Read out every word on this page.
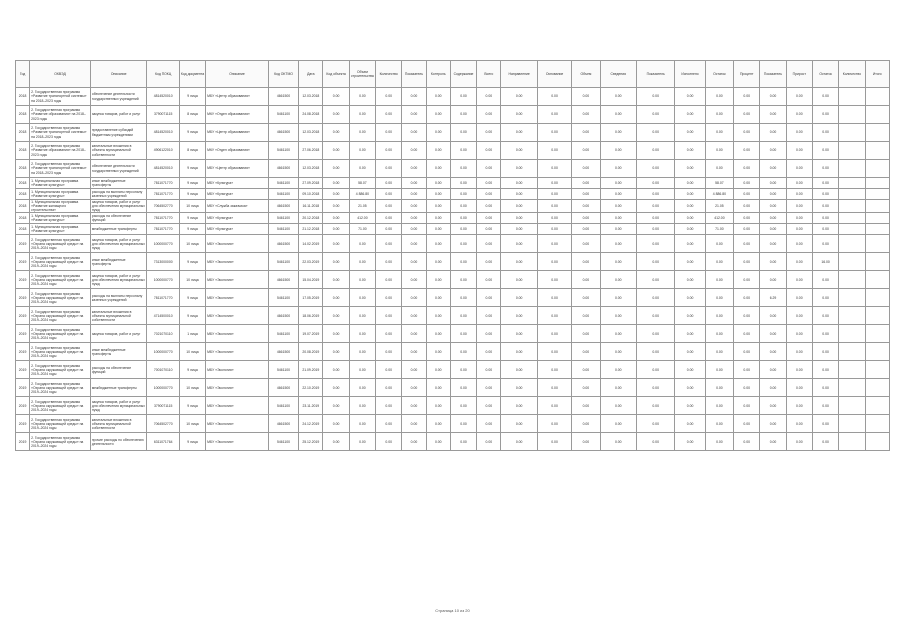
Год	ОКВЭД	Описание	Код ПОКЦ	Код документа	Описание	Код ОКТМО	Дата	Код объекта	Объем строительства	Количество	Показатель	Контроль	Содержание	Всего	Направление	Основание	Объем	Сведения	Показатель	Исполнено	Остаток	Процент	Показатель	Прирост	Остаток	Количество	Итого
2018	2. Государственная программа «Развитие транспортной системы» на 2018–2023 годы	обеспечение деятельности государственных учреждений	4814520010	9 лица	МБУ «Центр образования»	4661500	12.03.2018	0.00	0.00	0.00	0.00	0.00	0.00	0.00	0.00	0.00	0.00	0.00	0.00	0.00	0.00	0.00	0.00	0.00	0.00		
2018	2. Государственная программа «Развитие образования» на 2018–2023 годы	закупка товаров, работ и услуг	3790071115	8 лица	МКУ «Отдел образования»	5461100	24.08.2018	0.00	0.00	0.00	0.00	0.00	0.00	0.00	0.00	0.00	0.00	0.00	0.00	0.00	0.00	0.00	0.00	0.00	0.00		
2018	2. Государственная программа «Развитие транспортной системы» на 2018–2023 годы	предоставление субсидий бюджетным учреждениям	4814520010	9 лица	МБУ «Центр образования»	4661500	12.03.2018	0.00	0.00	0.00	0.00	0.00	0.00	0.00	0.00	0.00	0.00	0.00	0.00	0.00	0.00	0.00	0.00	0.00	0.00		
2018	2. Государственная программа «Развитие образования» на 2018–2023 годы	капитальные вложения в объекты муниципальной собственности	4906122010	8 лица	МКУ «Отдел образования»	5461100	27.06.2018	0.00	0.00	0.00	0.00	0.00	0.00	0.00	0.00	0.00	0.00	0.00	0.00	0.00	0.00	0.00	0.00	0.00	0.00		
2018	2. Государственная программа «Развитие транспортной системы» на 2018–2023 годы	обеспечение деятельности государственных учреждений	4814520010	9 лица	МБУ «Центр образования»	4661500	12.03.2018	0.00	0.00	0.00	0.00	0.00	0.00	0.00	0.00	0.00	0.00	0.00	0.00	0.00	0.00	0.00	0.00	0.00	0.00		
2018	1. Муниципальная программа «Развитие культуры»	иные межбюджетные трансферты	7811071770	9 лица	МБУ «Культура»	5461100	27.09.2018	0.00	58.07	0.00	0.00	0.00	0.00	0.00	0.00	0.00	0.00	0.00	0.00	0.00	58.07	0.00	0.00	0.00	0.00		
2018	1. Муниципальная программа «Развитие культуры»	расходы на выплаты персоналу казенных учреждений	7811071770	9 лица	МБУ «Культура»	5461100	09.10.2018	0.00	4 886.80	0.00	0.00	0.00	0.00	0.00	0.00	0.00	0.00	0.00	0.00	0.00	4 886.80	0.00	0.00	0.00	0.00		
2018	1. Муниципальная программа «Развитие жилищного строительства»	закупка товаров, работ и услуг для обеспечения муниципальных нужд	7064502770	10 лица	МБУ «Служба заказчика»	4661500	16.11.2018	0.00	21.05	0.00	0.00	0.00	0.00	0.00	0.00	0.00	0.00	0.00	0.00	0.00	21.05	0.00	0.00	0.00	0.00		
2018	1. Муниципальная программа «Развитие культуры»	расходы на обеспечение функций	7811071770	9 лица	МБУ «Культура»	5461100	20.12.2018	0.00	412.00	0.00	0.00	0.00	0.00	0.00	0.00	0.00	0.00	0.00	0.00	0.00	412.00	0.00	0.00	0.00	0.00		
2018	1. Муниципальная программа «Развитие культуры»	межбюджетные трансферты	7811071770	9 лица	МБУ «Культура»	5461100	21.12.2018	0.00	71.00	0.00	0.00	0.00	0.00	0.00	0.00	0.00	0.00	0.00	0.00	0.00	71.00	0.00	0.00	0.00	0.00		
2019	2. Государственная программа «Охрана окружающей среды» на 2019–2024 годы	закупка товаров, работ и услуг для обеспечения муниципальных нужд	1000000770	10 лица	МБУ «Экология»	4661500	14.02.2019	0.00	0.00	0.00	0.00	0.00	0.00	0.00	0.00	0.00	0.00	0.00	0.00	0.00	0.00	0.00	0.00	0.00	0.00		
2019	2. Государственная программа «Охрана окружающей среды» на 2019–2024 годы	иные межбюджетные трансферты	7313000000	9 лица	МБУ «Экология»	5461100	22.03.2019	0.00	0.00	0.00	0.00	0.00	0.00	0.00	0.00	0.00	0.00	0.00	0.00	0.00	0.00	0.00	0.00	0.00	16.00		
2019	2. Государственная программа «Охрана окружающей среды» на 2019–2024 годы	закупка товаров, работ и услуг для обеспечения муниципальных нужд	1000000770	10 лица	МБУ «Экология»	4661500	15.04.2019	0.00	0.00	0.00	0.00	0.00	0.00	0.00	0.00	0.00	0.00	0.00	0.00	0.00	0.00	0.00	0.00	0.00	0.00		
2019	2. Государственная программа «Охрана окружающей среды» на 2019–2024 годы	расходы на выплаты персоналу казенных учреждений	7811071770	9 лица	МБУ «Экология»	5461100	17.05.2019	0.00	0.00	0.00	0.00	0.00	0.00	0.00	0.00	0.00	0.00	0.00	0.00	0.00	0.00	0.00	6.29	0.00	0.00		
2019	2. Государственная программа «Охрана окружающей среды» на 2019–2024 годы	капитальные вложения в объекты муниципальной собственности	4714500010	9 лица	МБУ «Экология»	4661500	18.06.2019	0.00	0.00	0.00	0.00	0.00	0.00	0.00	0.00	0.00	0.00	0.00	0.00	0.00	0.00	0.00	0.00	0.00	0.00		
2019	2. Государственная программа «Охрана окружающей среды» на 2019–2024 годы	закупка товаров, работ и услуг	7021070110	1 лица	МБУ «Экология»	5461100	19.07.2019	0.00	0.00	0.00	0.00	0.00	0.00	0.00	0.00	0.00	0.00	0.00	0.00	0.00	0.00	0.00	0.00	0.00	0.00		
2019	2. Государственная программа «Охрана окружающей среды» на 2019–2024 годы	иные межбюджетные трансферты	1000000770	10 лица	МБУ «Экология»	4661500	20.08.2019	0.00	0.00	0.00	0.00	0.00	0.00	0.00	0.00	0.00	0.00	0.00	0.00	0.00	0.00	0.00	0.00	0.00	0.00		
2019	2. Государственная программа «Охрана окружающей среды» на 2019–2024 годы	расходы на обеспечение функций	7001070110	9 лица	МБУ «Экология»	5461100	21.09.2019	0.00	0.00	0.00	0.00	0.00	0.00	0.00	0.00	0.00	0.00	0.00	0.00	0.00	0.00	0.00	0.00	0.00	0.00		
2019	2. Государственная программа «Охрана окружающей среды» на 2019–2024 годы	межбюджетные трансферты	1000000770	10 лица	МБУ «Экология»	4661500	22.10.2019	0.00	0.00	0.00	0.00	0.00	0.00	0.00	0.00	0.00	0.00	0.00	0.00	0.00	0.00	0.00	0.00	0.00	0.00		
2019	2. Государственная программа «Охрана окружающей среды» на 2019–2024 годы	закупка товаров, работ и услуг для обеспечения муниципальных нужд	3790071115	9 лица	МБУ «Экология»	5461100	23.11.2019	0.00	0.00	0.00	0.00	0.00	0.00	0.00	0.00	0.00	0.00	0.00	0.00	0.00	0.00	0.00	0.00	0.00	0.00		
2019	2. Государственная программа «Охрана окружающей среды» на 2019–2024 годы	капитальные вложения в объекты муниципальной собственности	7064502770	10 лица	МБУ «Экология»	4661500	24.12.2019	0.00	0.00	0.00	0.00	0.00	0.00	0.00	0.00	0.00	0.00	0.00	0.00	0.00	0.00	0.00	0.00	0.00	0.00		
2019	2. Государственная программа «Охрана окружающей среды» на 2019–2024 годы	прочие расходы по обеспечению деятельности	6311071764	9 лица	МБУ «Экология»	5461100	25.12.2019	0.00	0.00	0.00	0.00	0.00	0.00	0.00	0.00	0.00	0.00	0.00	0.00	0.00	0.00	0.00	0.00	0.00	0.00		
Страница 10 из 20
